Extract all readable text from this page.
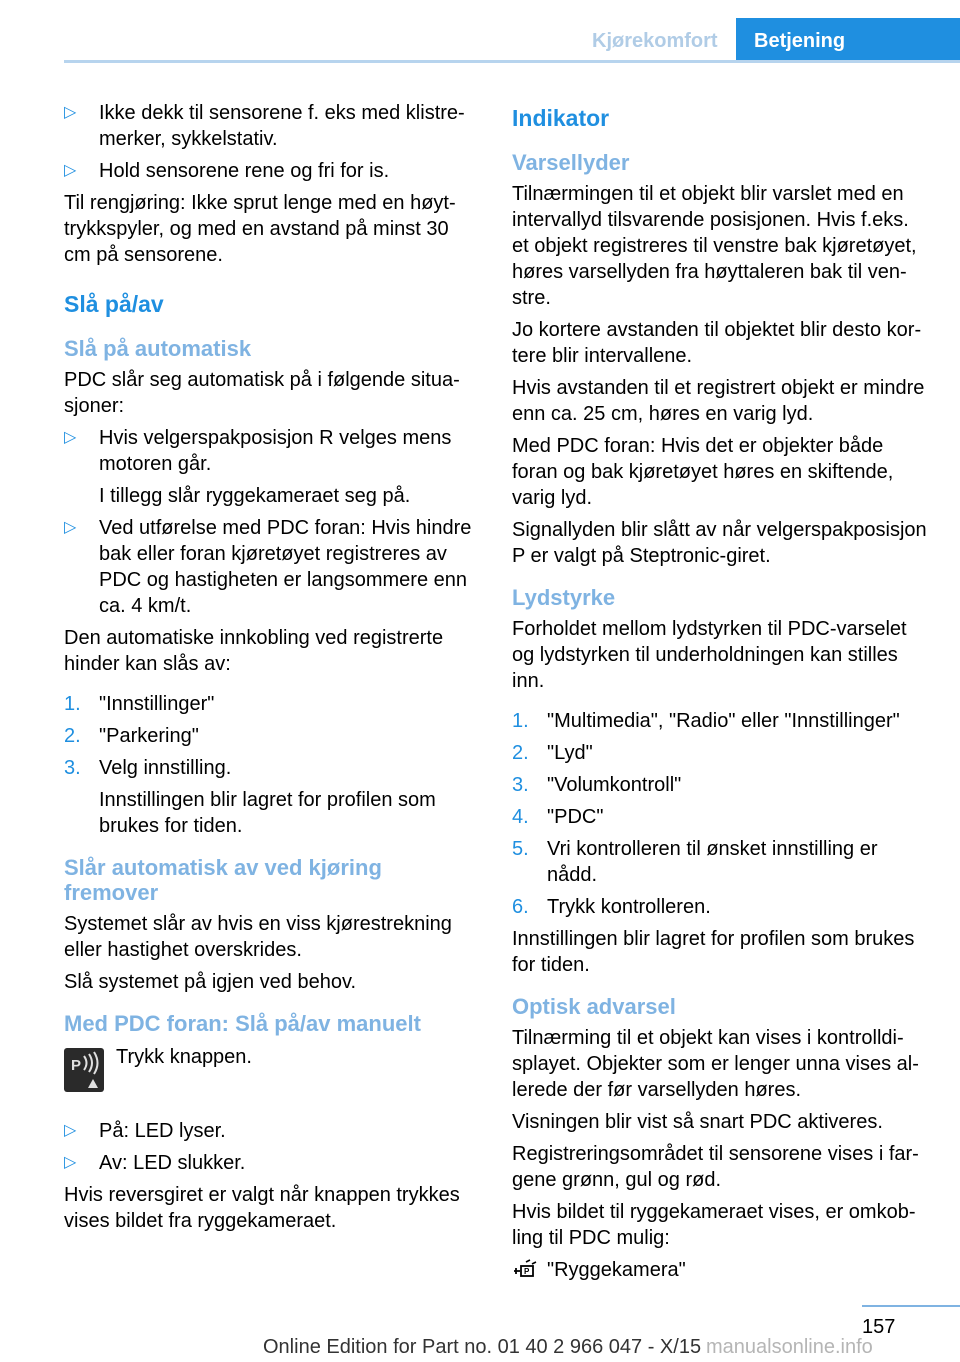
Kjørekomfort	Betjening
▷ Ikke dekk til sensorene f. eks med klistremerker, sykkelstativ.
▷ Hold sensorene rene og fri for is.

Til rengjøring: Ikke sprut lenge med en høyttrykkspyler, og med en avstand på minst 30 cm på sensorene.

Slå på/av
Slå på automatisk

PDC slår seg automatisk på i følgende situasjoner:

▷ Hvis velgerspakposisjon R velges mens motoren går.

I tillegg slår ryggekameraet seg på.

▷ Ved utførelse med PDC foran: Hvis hindre bak eller foran kjøretøyet registreres av PDC og hastigheten er langsommere enn ca. 4 km/t.

Den automatiske innkobling ved registrerte hinder kan slås av:

1. "Innstillinger"
2. "Parkering"
3. Velg innstilling.

Innstillingen blir lagret for profilen som brukes for tiden.

Slår automatisk av ved kjøring fremover

Systemet slår av hvis en viss kjørestrekning eller hastighet overskrides.

Slå systemet på igjen ved behov.

Med PDC foran: Slå på/av manuelt
P	Trykk knappen.
▷ På: LED lyser.
▷ Av: LED slukker.

Hvis reversgiret er valgt når knappen trykkes vises bildet fra ryggekameraet.

Indikator
Varsellyder

Tilnærmingen til et objekt blir varslet med en intervallyd tilsvarende posisjonen. Hvis f.eks. et objekt registreres til venstre bak kjøretøyet, høres varsellyden fra høyttaleren bak til venstre.

Jo kortere avstanden til objektet blir desto kortere blir intervallene.

Hvis avstanden til et registrert objekt er mindre enn ca. 25 cm, høres en varig lyd.

Med PDC foran: Hvis det er objekter både foran og bak kjøretøyet høres en skiftende, varig lyd.

Signallyden blir slått av når velgerspakposisjon P er valgt på Steptronic-giret.

Lydstyrke

Forholdet mellom lydstyrken til PDC-varselet og lydstyrken til underholdningen kan stilles inn.

1. "Multimedia", "Radio" eller "Innstillinger"
2. "Lyd"
3. "Volumkontroll"
4. "PDC"
5. Vri kontrolleren til ønsket innstilling er nådd.
6. Trykk kontrolleren.

Innstillingen blir lagret for profilen som brukes for tiden.

Optisk advarsel

Tilnærming til et objekt kan vises i kontrolldisplayet. Objekter som er lenger unna vises allerede der før varsellyden høres.

Visningen blir vist så snart PDC aktiveres.

Registreringsområdet til sensorene vises i fargene grønn, gul og rød.

Hvis bildet til ryggekameraet vises, er omkobling til PDC mulig:

P "Ryggekamera"
157
Online Edition for Part no. 01 40 2 966 047 - X/15 manualsonline.info
